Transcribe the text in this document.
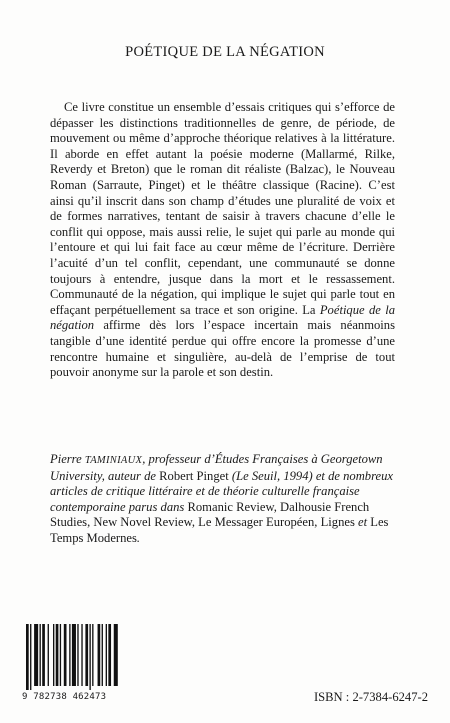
POÉTIQUE DE LA NÉGATION

Ce livre constitue un ensemble d’essais critiques qui s’efforce de dépasser les distinctions traditionnelles de genre, de période, de mouvement ou même d’approche théorique relatives à la littérature. Il aborde en effet autant la poésie moderne (Mallarmé, Rilke, Reverdy et Breton) que le roman dit réaliste (Balzac), le Nouveau Roman (Sarraute, Pinget) et le théâtre classique (Racine). C’est ainsi qu’il inscrit dans son champ d’études une pluralité de voix et de formes narratives, tentant de saisir à travers chacune d’elle le conflit qui oppose, mais aussi relie, le sujet qui parle au monde qui l’entoure et qui lui fait face au cœur même de l’écriture. Derrière l’acuité d’un tel conflit, cependant, une communauté se donne toujours à entendre, jusque dans la mort et le ressassement. Communauté de la négation, qui implique le sujet qui parle tout en effaçant perpétuellement sa trace et son origine. La Poétique de la négation affirme dès lors l’espace incertain mais néanmoins tangible d’une identité perdue qui offre encore la promesse d’une rencontre humaine et singulière, au-delà de l’emprise de tout pouvoir anonyme sur la parole et son destin.

Pierre TAMINIAUX, professeur d’Études Françaises à Georgetown University, auteur de Robert Pinget (Le Seuil, 1994) et de nombreux articles de critique littéraire et de théorie culturelle française contemporaine parus dans Romanic Review, Dalhousie French Studies, New Novel Review, Le Messager Européen, Lignes et Les Temps Modernes.

9 782738 462473	ISBN : 2-7384-6247-2
